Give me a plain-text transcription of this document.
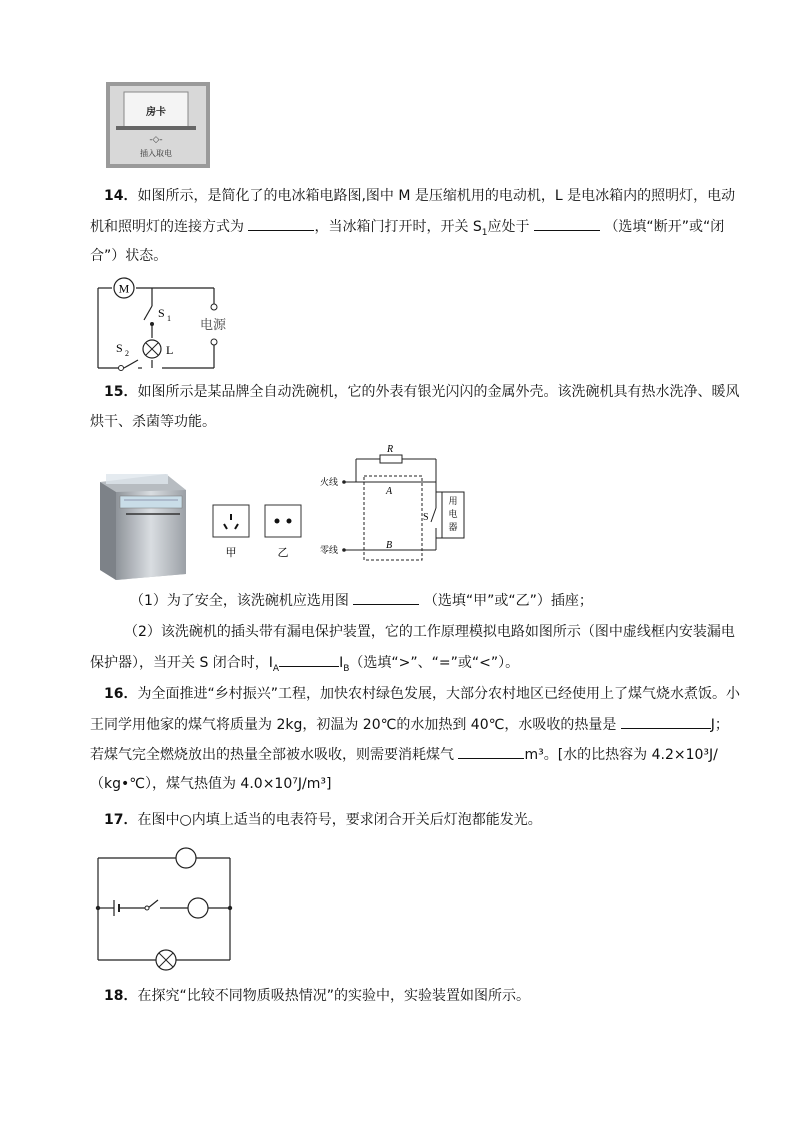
房卡
-◇-
插入取电
14．如图所示，是简化了的电冰箱电路图,图中 M 是压缩机用的电动机，L 是电冰箱内的照明灯，电动
机和照明灯的连接方式为	，当冰箱门打开时，开关 $S_1$应处于	（选填“断开”或“闭
合”）状态。
M
S 1
S 2	L
电源
15．如图所示是某品牌全自动洗碗机，它的外表有银光闪闪的金属外壳。该洗碗机具有热水洗净、暖风
烘干、杀菌等功能。
甲	乙
火线
零线
R
A
B
S
用
电
器
（1）为了安全，该洗碗机应选用图	（选填“甲”或“乙”）插座；
（2）该洗碗机的插头带有漏电保护装置，它的工作原理模拟电路如图所示（图中虚线框内安装漏电
保护器），当开关 S 闭合时，$I_A$	$I_B$（选填“>”、“=”或“<”）。
16．为全面推进“乡村振兴”工程，加快农村绿色发展，大部分农村地区已经使用上了煤气烧水煮饭。小
王同学用他家的煤气将质量为 2kg，初温为 20℃的水加热到 40℃，水吸收的热量是	J；
若煤气完全燃烧放出的热量全部被水吸收，则需要消耗煤气	m³。[水的比热容为 4.2×10³J/
（kg•℃），煤气热值为 4.0×10⁷J/m³]
17．在图中○内填上适当的电表符号，要求闭合开关后灯泡都能发光。
18．在探究“比较不同物质吸热情况”的实验中，实验装置如图所示。
